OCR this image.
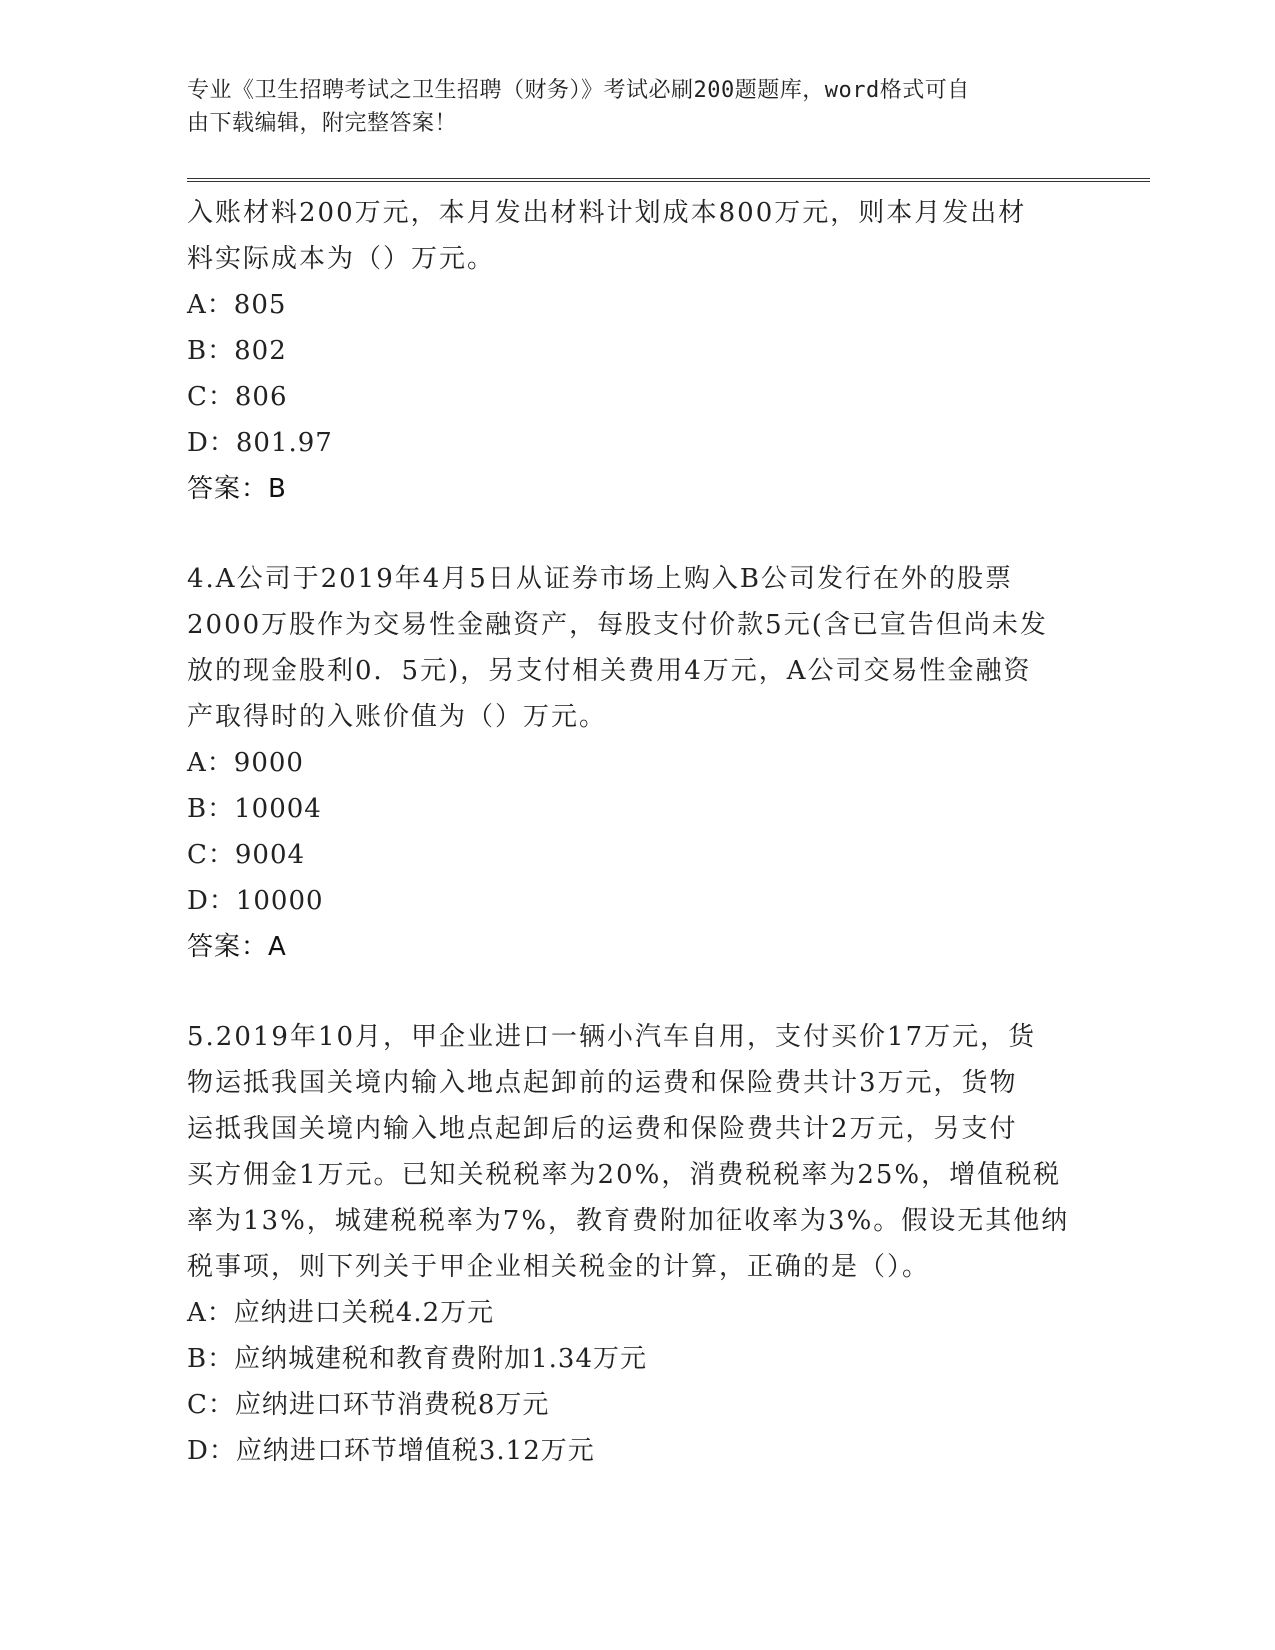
专业《卫生招聘考试之卫生招聘（财务）》考试必刷200题题库，word格式可自
由下载编辑，附完整答案！

入账材料200万元，本月发出材料计划成本800万元，则本月发出材

料实际成本为（）万元。

A：805

B：802

C：806

D：801.97

答案：B

4.A公司于2019年4月5日从证券市场上购入B公司发行在外的股票

2000万股作为交易性金融资产，每股支付价款5元(含已宣告但尚未发

放的现金股利0．5元)，另支付相关费用4万元，A公司交易性金融资

产取得时的入账价值为（）万元。

A：9000

B：10004

C：9004

D：10000

答案：A

5.2019年10月，甲企业进口一辆小汽车自用，支付买价17万元，货

物运抵我国关境内输入地点起卸前的运费和保险费共计3万元，货物

运抵我国关境内输入地点起卸后的运费和保险费共计2万元，另支付

买方佣金1万元。已知关税税率为20%，消费税税率为25%，增值税税

率为13%，城建税税率为7%，教育费附加征收率为3%。假设无其他纳

税事项，则下列关于甲企业相关税金的计算，正确的是（）。

A：应纳进口关税4.2万元

B：应纳城建税和教育费附加1.34万元

C：应纳进口环节消费税8万元

D：应纳进口环节增值税3.12万元
